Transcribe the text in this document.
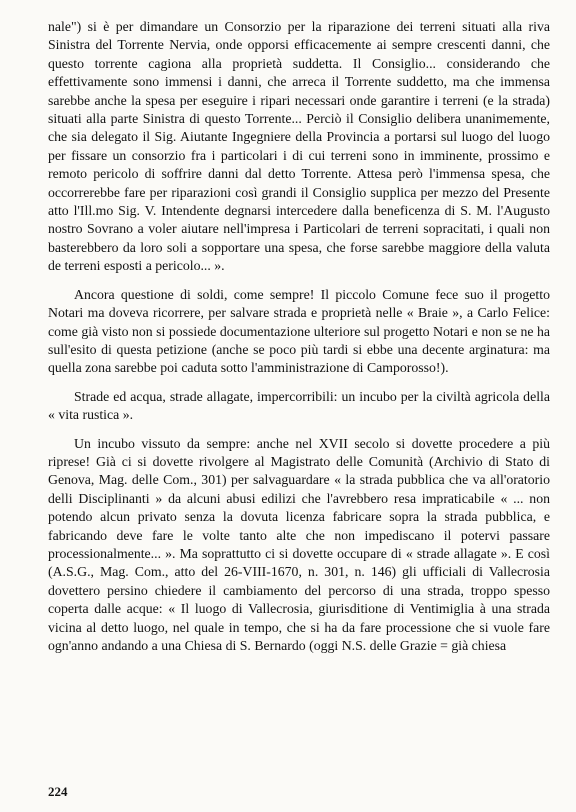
nale") si è per dimandare un Consorzio per la riparazione dei terreni situati alla riva Sinistra del Torrente Nervia, onde opporsi efficacemente ai sempre crescenti danni, che questo torrente cagiona alla proprietà suddetta. Il Consiglio... considerando che effettivamente sono immensi i danni, che arreca il Torrente suddetto, ma che immensa sarebbe anche la spesa per eseguire i ripari necessari onde garantire i terreni (e la strada) situati alla parte Sinistra di questo Torrente... Perciò il Consiglio delibera unanimemente, che sia delegato il Sig. Aiutante Ingegniere della Provincia a portarsi sul luogo del luogo per fissare un consorzio fra i particolari i di cui terreni sono in imminente, prossimo e remoto pericolo di soffrire danni dal detto Torrente. Attesa però l'immensa spesa, che occorrerebbe fare per riparazioni così grandi il Consiglio supplica per mezzo del Presente atto l'Ill.mo Sig. V. Intendente degnarsi intercedere dalla beneficenza di S. M. l'Augusto nostro Sovrano a voler aiutare nell'impresa i Particolari de terreni sopracitati, i quali non basterebbero da loro soli a sopportare una spesa, che forse sarebbe maggiore della valuta de terreni esposti a pericolo... ».

Ancora questione di soldi, come sempre! Il piccolo Comune fece suo il progetto Notari ma doveva ricorrere, per salvare strada e proprietà nelle « Braie », a Carlo Felice: come già visto non si possiede documentazione ulteriore sul progetto Notari e non se ne ha sull'esito di questa petizione (anche se poco più tardi si ebbe una decente arginatura: ma quella zona sarebbe poi caduta sotto l'amministrazione di Camporosso!).

Strade ed acqua, strade allagate, impercorribili: un incubo per la civiltà agricola della « vita rustica ».

Un incubo vissuto da sempre: anche nel XVII secolo si dovette procedere a più riprese! Già ci si dovette rivolgere al Magistrato delle Comunità (Archivio di Stato di Genova, Mag. delle Com., 301) per salvaguardare « la strada pubblica che va all'oratorio delli Disciplinanti » da alcuni abusi edilizi che l'avrebbero resa impraticabile « ... non potendo alcun privato senza la dovuta licenza fabricare sopra la strada pubblica, e fabricando deve fare le volte tanto alte che non impediscano il potervi passare processionalmente... ». Ma soprattutto ci si dovette occupare di « strade allagate ». E così (A.S.G., Mag. Com., atto del 26-VIII-1670, n. 301, n. 146) gli ufficiali di Vallecrosia dovettero persino chiedere il cambiamento del percorso di una strada, troppo spesso coperta dalle acque: « Il luogo di Vallecrosia, giurisditione di Ventimiglia à una strada vicina al detto luogo, nel quale in tempo, che si ha da fare processione che si vuole fare ogn'anno andando a una Chiesa di S. Bernardo (oggi N.S. delle Grazie = già chiesa

224
